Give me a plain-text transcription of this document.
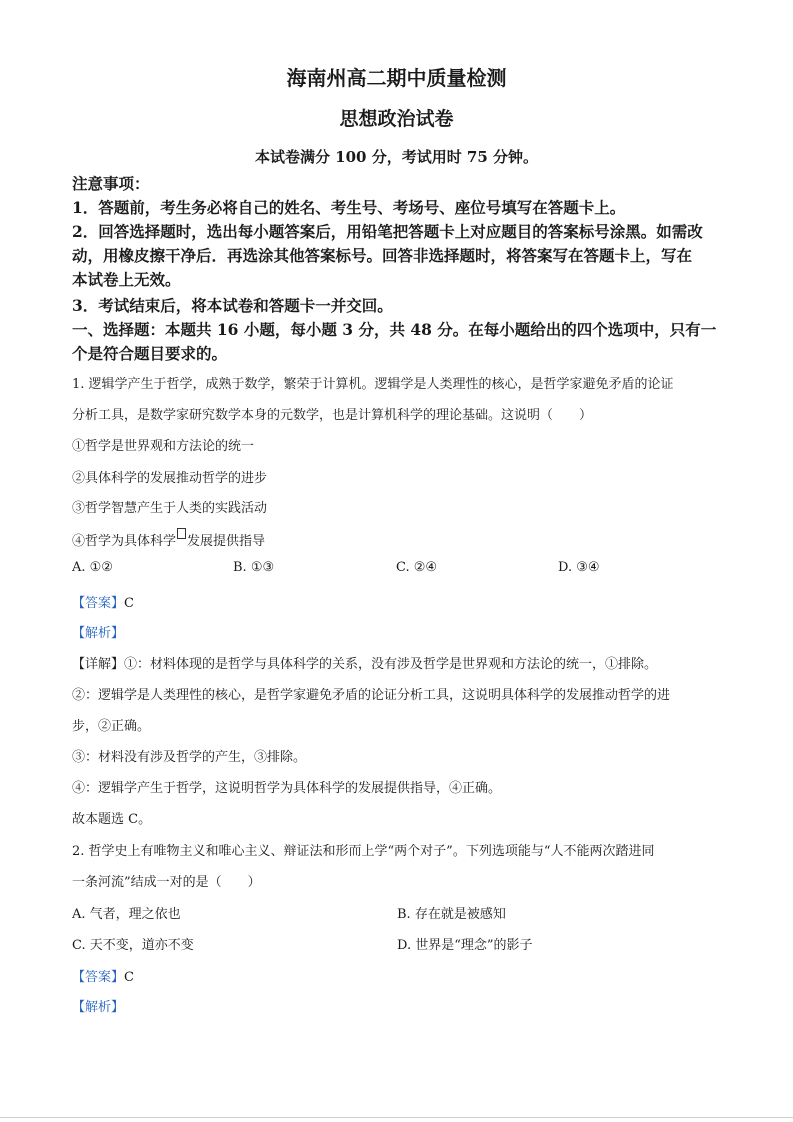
海南州高二期中质量检测
思想政治试卷
本试卷满分 100 分，考试用时 75 分钟。
注意事项：
1．答题前，考生务必将自己的姓名、考生号、考场号、座位号填写在答题卡上。
2．回答选择题时，选出每小题答案后，用铅笔把答题卡上对应题目的答案标号涂黑。如需改
动，用橡皮擦干净后．再选涂其他答案标号。回答非选择题时，将答案写在答题卡上，写在
本试卷上无效。
3．考试结束后，将本试卷和答题卡一并交回。
一、选择题：本题共 16 小题，每小题 3 分，共 48 分。在每小题给出的四个选项中，只有一
个是符合题目要求的。
1. 逻辑学产生于哲学，成熟于数学，繁荣于计算机。逻辑学是人类理性的核心，是哲学家避免矛盾的论证
分析工具，是数学家研究数学本身的元数学，也是计算机科学的理论基础。这说明（　　）
①哲学是世界观和方法论的统一
②具体科学的发展推动哲学的进步
③哲学智慧产生于人类的实践活动
④哲学为具体科学 发展提供指导
A. ①②	B. ①③	C. ②④	D. ③④
【答案】C
【解析】
【详解】①：材料体现的是哲学与具体科学的关系，没有涉及哲学是世界观和方法论的统一，①排除。
②：逻辑学是人类理性的核心，是哲学家避免矛盾的论证分析工具，这说明具体科学的发展推动哲学的进
步，②正确。
③：材料没有涉及哲学的产生，③排除。
④：逻辑学产生于哲学，这说明哲学为具体科学的发展提供指导，④正确。
故本题选 C。
2. 哲学史上有唯物主义和唯心主义、辩证法和形而上学“两个对子”。下列选项能与“人不能两次踏进同
一条河流”结成一对的是（　　）
A. 气者，理之依也	B. 存在就是被感知
C. 天不变，道亦不变	D. 世界是“理念”的影子
【答案】C
【解析】
